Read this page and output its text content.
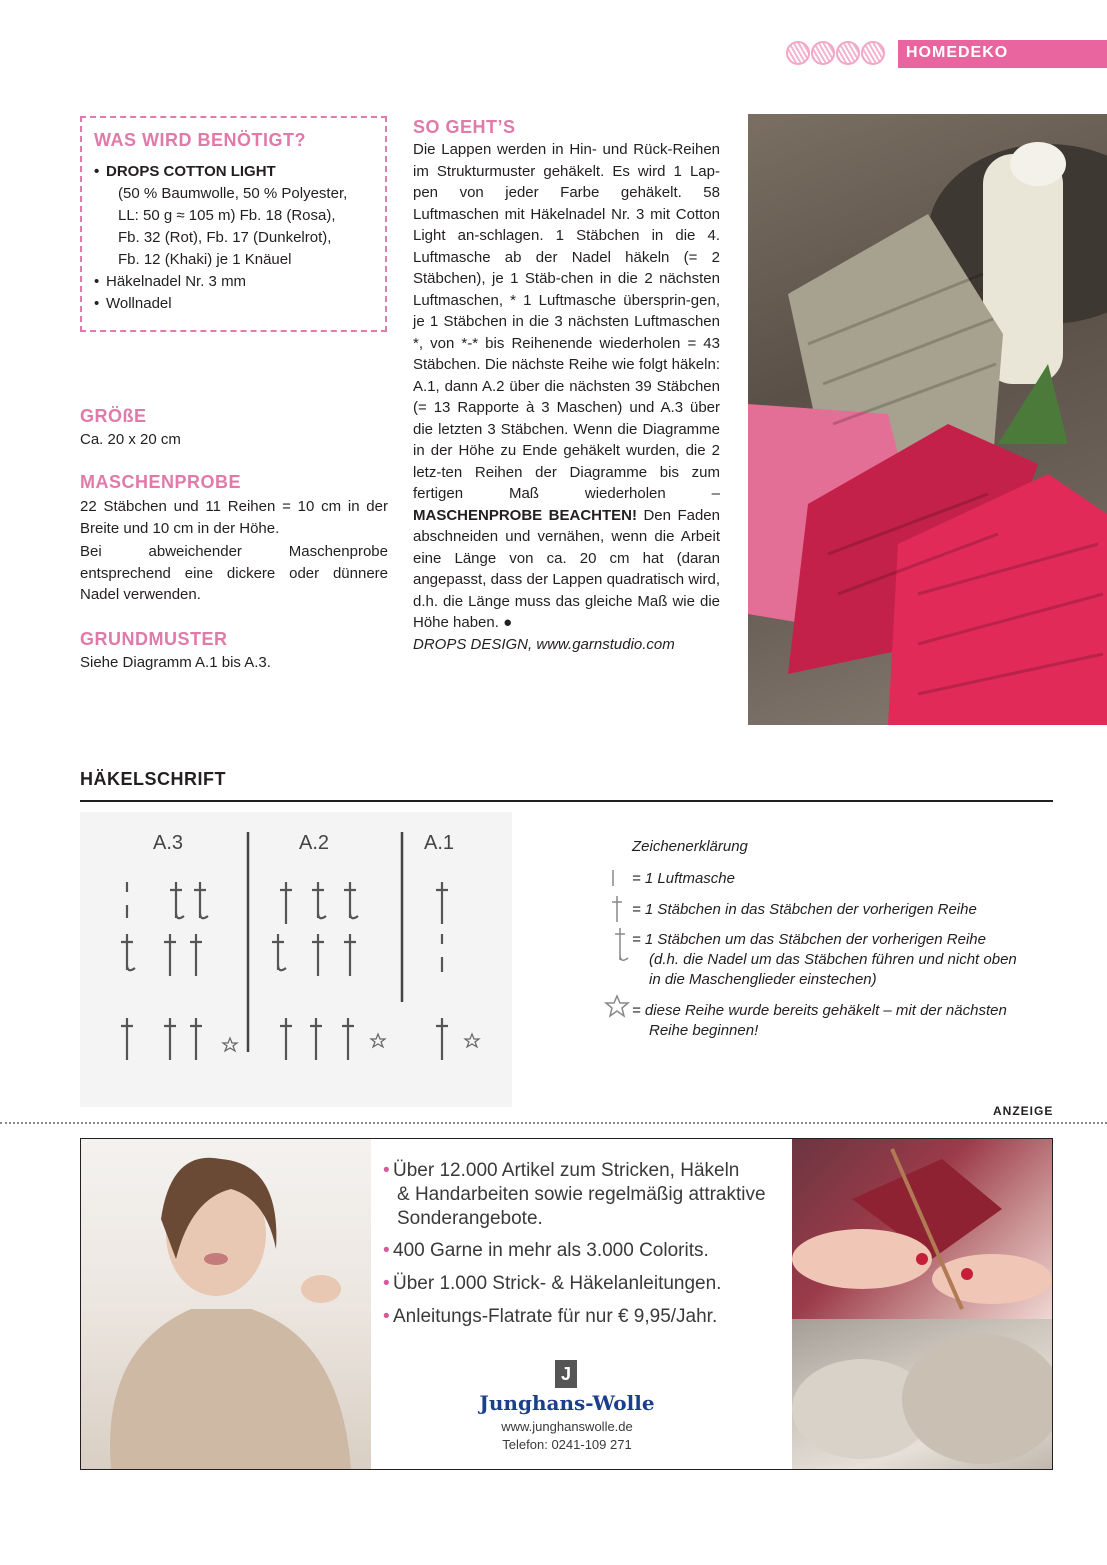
HOMEDEKO
WAS WIRD BENÖTIGT?
• DROPS COTTON LIGHT
(50 % Baumwolle, 50 % Polyester,
LL: 50 g ≈ 105 m) Fb. 18 (Rosa),
Fb. 32 (Rot), Fb. 17 (Dunkelrot),
Fb. 12 (Khaki) je 1 Knäuel
• Häkelnadel Nr. 3 mm
• Wollnadel
GRÖßE
Ca. 20 x 20 cm
MASCHENPROBE
22 Stäbchen und 11 Reihen = 10 cm in der Breite und 10 cm in der Höhe.
Bei abweichender Maschenprobe entsprechend eine dickere oder dünnere Nadel verwenden.
GRUNDMUSTER
Siehe Diagramm A.1 bis A.3.
SO GEHT’S
Die Lappen werden in Hin- und Rück-Reihen im Strukturmuster gehäkelt. Es wird 1 Lap-pen von jeder Farbe gehäkelt. 58 Luftmaschen mit Häkelnadel Nr. 3 mit Cotton Light an-schlagen. 1 Stäbchen in die 4. Luftmasche ab der Nadel häkeln (= 2 Stäbchen), je 1 Stäb-chen in die 2 nächsten Luftmaschen, * 1 Luftmasche übersprin-gen, je 1 Stäbchen in die 3 nächsten Luftmaschen *, von *-* bis Reihenende wiederholen = 43 Stäbchen. Die nächste Reihe wie folgt häkeln: A.1, dann A.2 über die nächsten 39 Stäbchen (= 13 Rapporte à 3 Maschen) und A.3 über die letzten 3 Stäbchen. Wenn die Diagramme in der Höhe zu Ende gehäkelt wurden, die 2 letz-ten Reihen der Diagramme bis zum fertigen Maß wiederholen – MASCHENPROBE BEACHTEN! Den Faden abschneiden und vernähen, wenn die Arbeit eine Länge von ca. 20 cm hat (daran angepasst, dass der Lappen quadratisch wird, d.h. die Länge muss das gleiche Maß wie die Höhe haben. ●
DROPS DESIGN, www.garnstudio.com
HÄKELSCHRIFT
A.3	A.2	A.1	Zeichenerklärung
= 1 Luftmasche
= 1 Stäbchen in das Stäbchen der vorherigen Reihe
= 1 Stäbchen um das Stäbchen der vorherigen Reihe
(d.h. die Nadel um das Stäbchen führen und nicht oben
in die Maschenglieder einstechen)
= diese Reihe wurde bereits gehäkelt – mit der nächsten
Reihe beginnen!
ANZEIGE
• Über 12.000 Artikel zum Stricken, Häkeln
& Handarbeiten sowie regelmäßig attraktive
Sonderangebote.
• 400 Garne in mehr als 3.000 Colorits.
• Über 1.000 Strick- & Häkelanleitungen.
• Anleitungs-Flatrate für nur € 9,95/Jahr.
J
Junghans-Wolle
www.junghanswolle.de
Telefon: 0241-109 271
